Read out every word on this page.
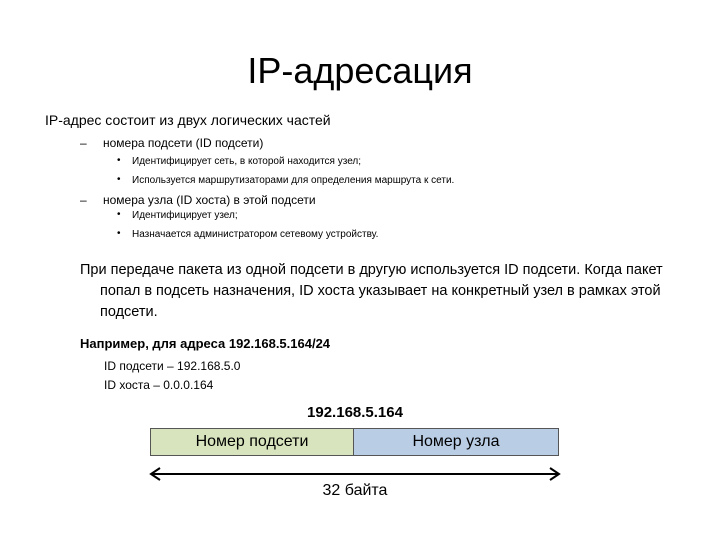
IP-адресация
IP-адрес состоит из двух логических частей
– номера подсети (ID подсети)
• Идентифицирует сеть, в которой находится узел;
• Используется маршрутизаторами для определения маршрута к сети.
– номера узла (ID хоста) в этой подсети
• Идентифицирует узел;
• Назначается администратором сетевому устройству.
При передаче пакета из одной подсети в другую используется ID подсети. Когда пакет
попал в подсеть назначения, ID хоста указывает на конкретный узел в рамках этой
подсети.
Например, для адреса 192.168.5.164/24
ID подсети – 192.168.5.0
ID хоста – 0.0.0.164
192.168.5.164
Номер подсети	Номер узла
32 байта
